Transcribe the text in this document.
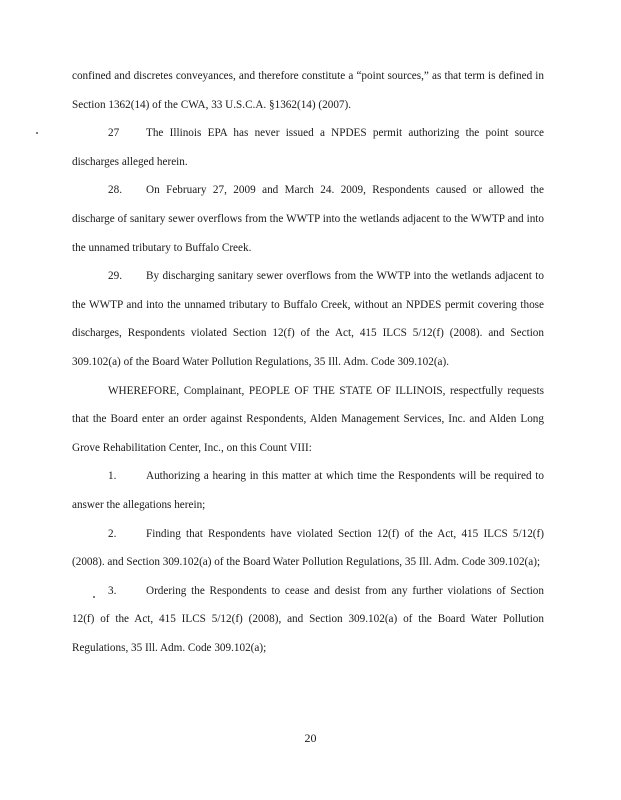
confined and discretes conveyances, and therefore constitute a “point sources,” as that term is defined in Section 1362(14) of the CWA, 33 U.S.C.A. §1362(14) (2007).

27 The Illinois EPA has never issued a NPDES permit authorizing the point source discharges alleged herein.

28. On February 27, 2009 and March 24. 2009, Respondents caused or allowed the discharge of sanitary sewer overflows from the WWTP into the wetlands adjacent to the WWTP and into the unnamed tributary to Buffalo Creek.

29. By discharging sanitary sewer overflows from the WWTP into the wetlands adjacent to the WWTP and into the unnamed tributary to Buffalo Creek, without an NPDES permit covering those discharges, Respondents violated Section 12(f) of the Act, 415 ILCS 5/12(f) (2008). and Section 309.102(a) of the Board Water Pollution Regulations, 35 Ill. Adm. Code 309.102(a).

WHEREFORE, Complainant, PEOPLE OF THE STATE OF ILLINOIS, respectfully requests that the Board enter an order against Respondents, Alden Management Services, Inc. and Alden Long Grove Rehabilitation Center, Inc., on this Count VIII:

1.	Authorizing a hearing in this matter at which time the Respondents will be required to answer the allegations herein;

2.	Finding that Respondents have violated Section 12(f) of the Act, 415 ILCS 5/12(f) (2008). and Section 309.102(a) of the Board Water Pollution Regulations, 35 Ill. Adm. Code 309.102(a);

3.	Ordering the Respondents to cease and desist from any further violations of Section 12(f) of the Act, 415 ILCS 5/12(f) (2008), and Section 309.102(a) of the Board Water Pollution Regulations, 35 Ill. Adm. Code 309.102(a);

20
